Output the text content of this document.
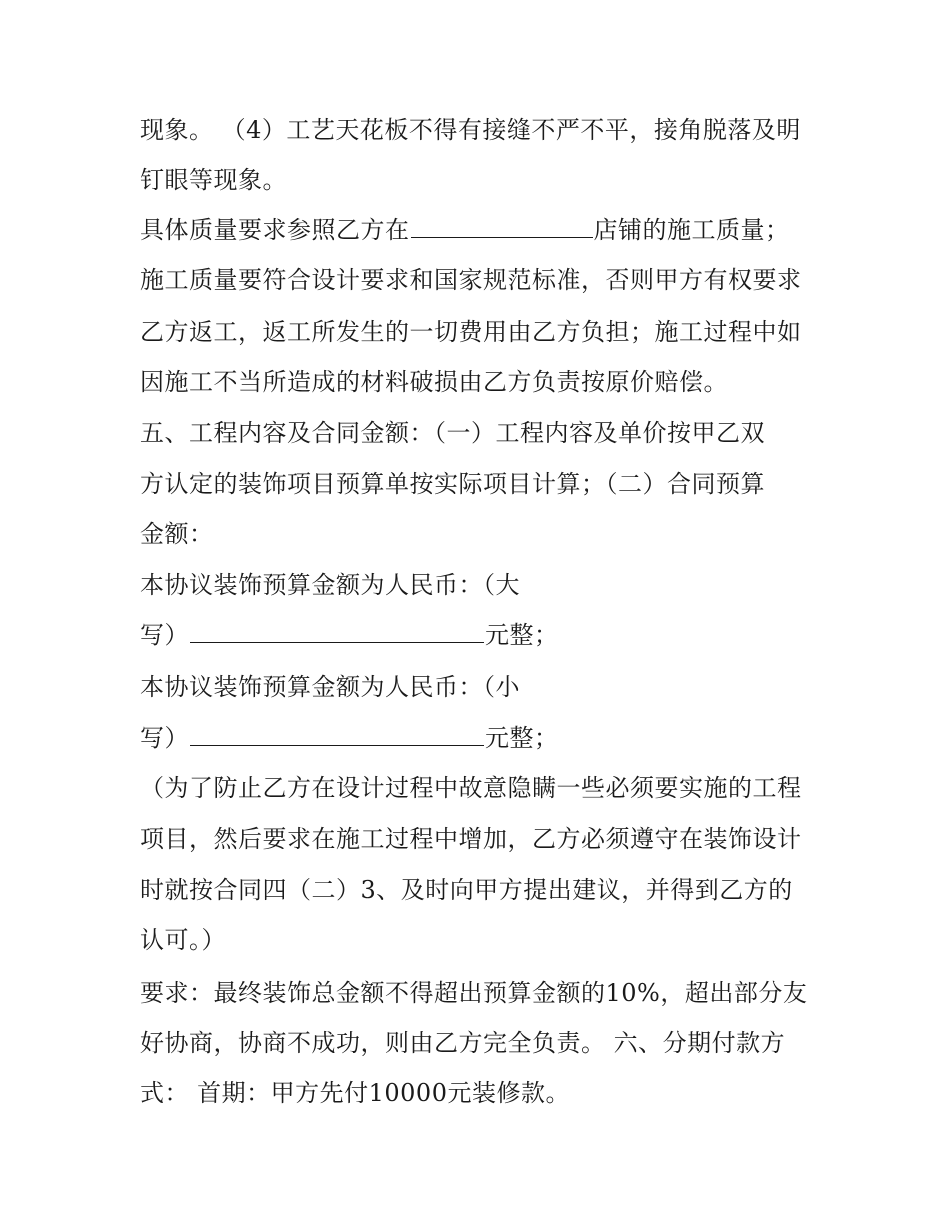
现象。 （4）工艺天花板不得有接缝不严不平，接角脱落及明
钉眼等现象。
具体质量要求参照乙方在	店铺的施工质量；
施工质量要符合设计要求和国家规范标准，否则甲方有权要求
乙方返工，返工所发生的一切费用由乙方负担；施工过程中如
因施工不当所造成的材料破损由乙方负责按原价赔偿。
五、工程内容及合同金额：（一）工程内容及单价按甲乙双
方认定的装饰项目预算单按实际项目计算；（二）合同预算
金额：
本协议装饰预算金额为人民币：（大
写）	元整；
本协议装饰预算金额为人民币：（小
写）	元整；
（为了防止乙方在设计过程中故意隐瞒一些必须要实施的工程
项目，然后要求在施工过程中增加，乙方必须遵守在装饰设计
时就按合同四（二）3、及时向甲方提出建议，并得到乙方的
认可。）
要求：最终装饰总金额不得超出预算金额的10%，超出部分友
好协商，协商不成功，则由乙方完全负责。 六、分期付款方
式： 首期：甲方先付10000元装修款。
